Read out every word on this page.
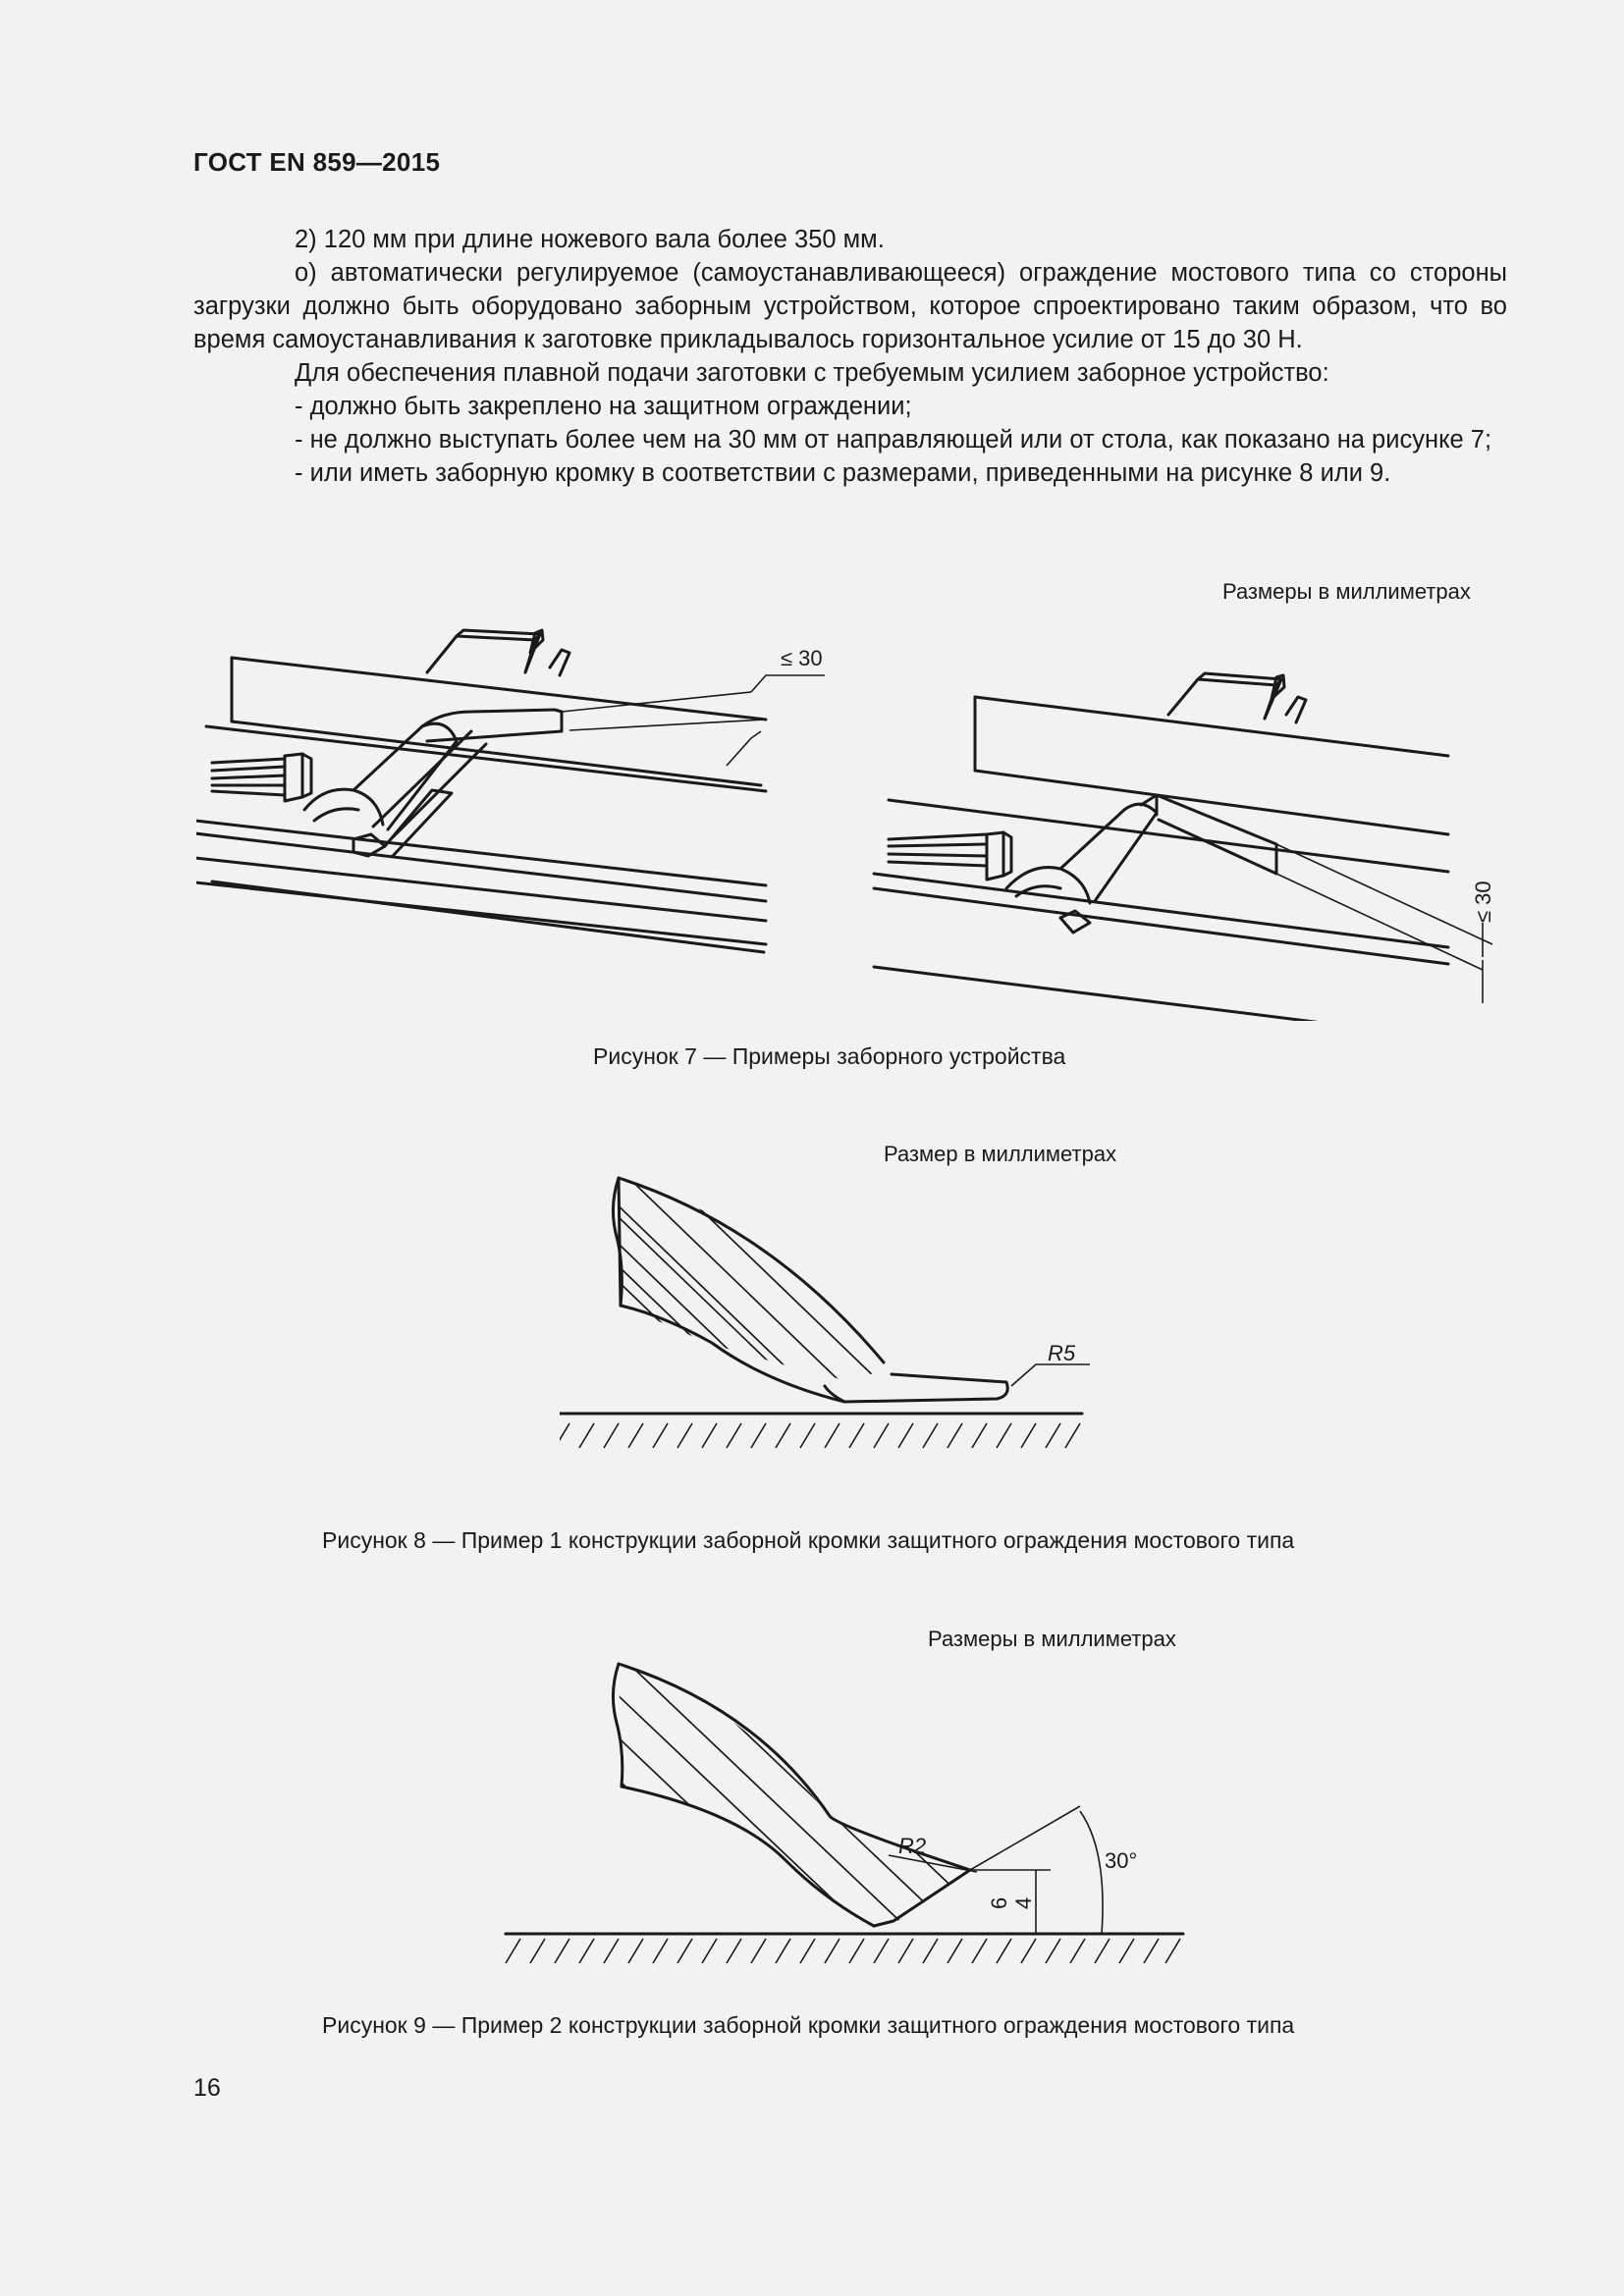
ГОСТ EN 859—2015

2) 120 мм при длине ножевого вала более 350 мм.

о) автоматически регулируемое (самоустанавливающееся) ограждение мостового типа со стороны загрузки должно быть оборудовано заборным устройством, которое спроектировано таким образом, что во время самоустанавливания к заготовке прикладывалось горизонтальное усилие от 15 до 30 Н.

Для обеспечения плавной подачи заготовки с требуемым усилием заборное устройство:

- должно быть закреплено на защитном ограждении;

- не должно выступать более чем на 30 мм от направляющей или от стола, как показано на рисунке 7;

- или иметь заборную кромку в соответствии с размерами, приведенными на рисунке 8 или 9.

Размеры в миллиметрах
≤ 30
≤ 30
Рисунок 7 — Примеры заборного устройства
Размер в миллиметрах
R5
Рисунок 8 — Пример 1 конструкции заборной кромки защитного ограждения мостового типа
Размеры в миллиметрах
R2
30°
6 4
Рисунок 9 — Пример 2 конструкции заборной кромки защитного ограждения мостового типа
16
